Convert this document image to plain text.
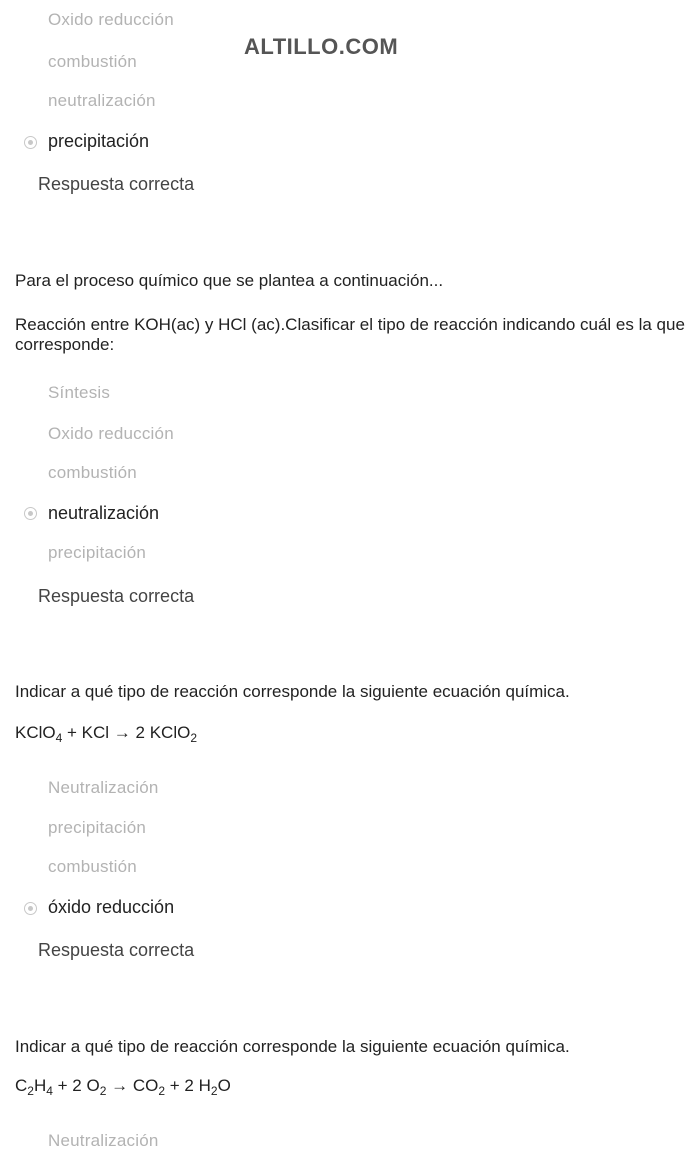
ALTILLO.COM
Oxido reducción
combustión
neutralización
precipitación
Respuesta correcta
Para el proceso químico que se plantea a continuación...
Reacción entre KOH(ac) y HCl (ac).Clasificar el tipo de reacción indicando cuál es la que corresponde:
Síntesis
Oxido reducción
combustión
neutralización
precipitación
Respuesta correcta
Indicar a qué tipo de reacción corresponde la siguiente ecuación química.
KClO$_4$ + KCl → 2 KClO$_2$
Neutralización
precipitación
combustión
óxido reducción
Respuesta correcta
Indicar a qué tipo de reacción corresponde la siguiente ecuación química.
$C_2H_4 + 2$ $O_2 \to CO_2 + 2$ $H_2O$
Neutralización
